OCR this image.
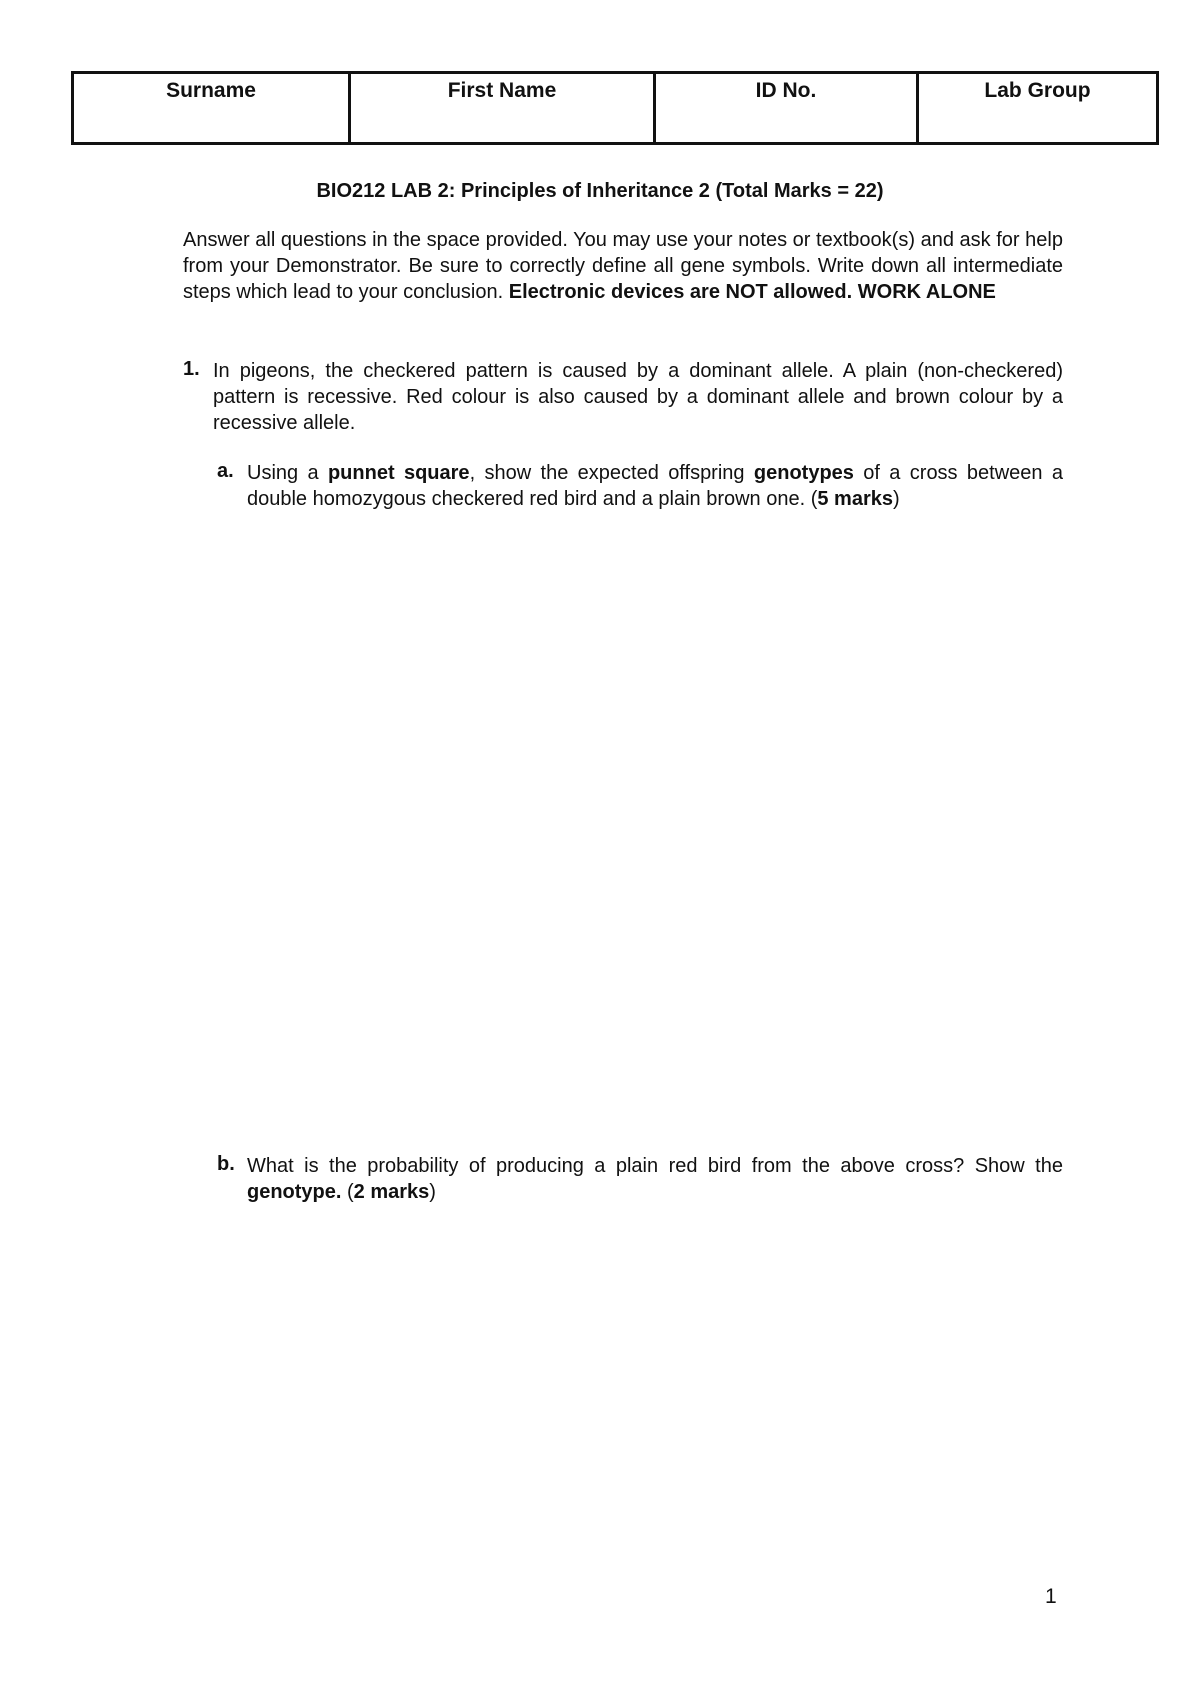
Surname	First Name	ID No.	Lab Group
BIO212 LAB 2: Principles of Inheritance 2 (Total Marks = 22)

Answer all questions in the space provided. You may use your notes or textbook(s) and ask for help from your Demonstrator. Be sure to correctly define all gene symbols. Write down all intermediate steps which lead to your conclusion. Electronic devices are NOT allowed. WORK ALONE

1. In pigeons, the checkered pattern is caused by a dominant allele. A plain (non-checkered) pattern is recessive. Red colour is also caused by a dominant allele and brown colour by a recessive allele.

a. Using a punnet square, show the expected offspring genotypes of a cross between a double homozygous checkered red bird and a plain brown one. (5 marks)

b. What is the probability of producing a plain red bird from the above cross? Show the genotype. (2 marks)

1
